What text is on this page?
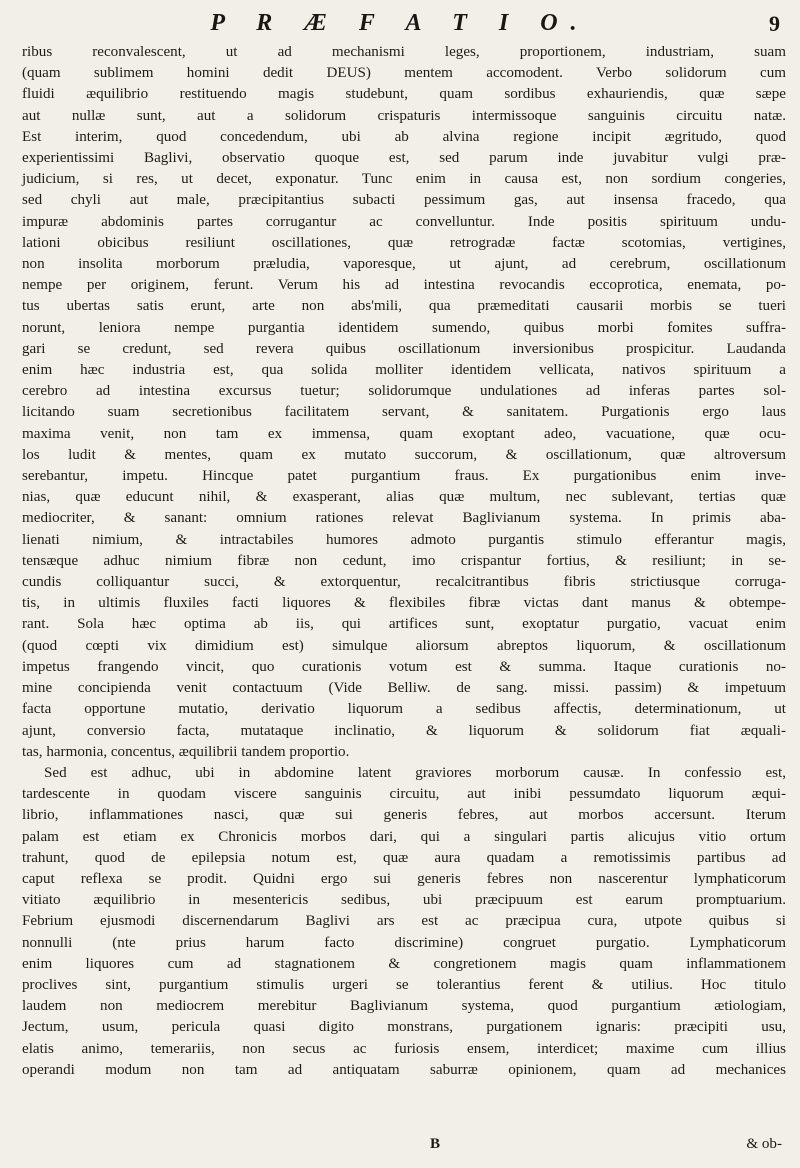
P R Æ F A T I O.	9
ribus reconvalescent, ut ad mechanismi leges, proportionem, industriam, suam
(quam sublimem homini dedit DEUS) mentem accomodent. Verbo solidorum cum
fluidi æquilibrio restituendo magis studebunt, quam sordibus exhauriendis, quæ sæpe
aut nullæ sunt, aut a solidorum crispaturis intermissoque sanguinis circuitu natæ.
Est interim, quod concedendum, ubi ab alvina regione incipit ægritudo, quod
experientissimi Baglivi, observatio quoque est, sed parum inde juvabitur vulgi præ-
judicium, si res, ut decet, exponatur. Tunc enim in causa est, non sordium congeries,
sed chyli aut male, præcipitantius subacti pessimum gas, aut insensa fracedo, qua
impuræ abdominis partes corrugantur ac convelluntur. Inde positis spirituum undu-
lationi obicibus resiliunt oscillationes, quæ retrogradæ factæ scotomias, vertigines,
non insolita morborum præludia, vaporesque, ut ajunt, ad cerebrum, oscillationum
nempe per originem, ferunt. Verum his ad intestina revocandis eccoprotica, enemata, po-
tus ubertas satis erunt, arte non abs'mili, qua præmeditati causarii morbis se tueri
norunt, leniora nempe purgantia identidem sumendo, quibus morbi fomites suffra-
gari se credunt, sed revera quibus oscillationum inversionibus prospicitur. Laudanda
enim hæc industria est, qua solida molliter identidem vellicata, nativos spirituum a
cerebro ad intestina excursus tuetur; solidorumque undulationes ad inferas partes sol-
licitando suam secretionibus facilitatem servant, & sanitatem. Purgationis ergo laus
maxima venit, non tam ex immensa, quam exoptant adeo, vacuatione, quæ ocu-
los ludit & mentes, quam ex mutato succorum, & oscillationum, quæ altroversum
serebantur, impetu. Hincque patet purgantium fraus. Ex purgationibus enim inve-
nias, quæ educunt nihil, & exasperant, alias quæ multum, nec sublevant, tertias quæ
mediocriter, & sanant: omnium rationes relevat Baglivianum systema. In primis aba-
lienati nimium, & intractabiles humores admoto purgantis stimulo efferantur magis,
tensæque adhuc nimium fibræ non cedunt, imo crispantur fortius, & resiliunt; in se-
cundis colliquantur succi, & extorquentur, recalcitrantibus fibris strictiusque corruga-
tis, in ultimis fluxiles facti liquores & flexibiles fibræ victas dant manus & obtempe-
rant. Sola hæc optima ab iis, qui artifices sunt, exoptatur purgatio, vacuat enim
(quod cœpti vix dimidium est) simulque aliorsum abreptos liquorum, & oscillationum
impetus frangendo vincit, quo curationis votum est & summa. Itaque curationis no-
mine concipienda venit contactuum (Vide Belliw. de sang. missi. passim) & impetuum
facta opportune mutatio, derivatio liquorum a sedibus affectis, determinationum, ut
ajunt, conversio facta, mutataque inclinatio, & liquorum & solidorum fiat æquali-
tas, harmonia, concentus, æquilibrii tandem proportio.
Sed est adhuc, ubi in abdomine latent graviores morborum causæ. In confessio est,
tardescente in quodam viscere sanguinis circuitu, aut inibi pessumdato liquorum æqui-
librio, inflammationes nasci, quæ sui generis febres, aut morbos accersunt. Iterum
palam est etiam ex Chronicis morbos dari, qui a singulari partis alicujus vitio ortum
trahunt, quod de epilepsia notum est, quæ aura quadam a remotissimis partibus ad
caput reflexa se prodit. Quidni ergo sui generis febres non nascerentur lymphaticorum
vitiato æquilibrio in mesentericis sedibus, ubi præcipuum est earum promptuarium.
Febrium ejusmodi discernendarum Baglivi ars est ac præcipua cura, utpote quibus si
nonnulli (nte prius harum facto discrimine) congruet purgatio. Lymphaticorum
enim liquores cum ad stagnationem & congretionem magis quam inflammationem
proclives sint, purgantium stimulis urgeri se tolerantius ferent & utilius. Hoc titulo
laudem non mediocrem merebitur Baglivianum systema, quod purgantium ætiologiam,
Jectum, usum, pericula quasi digito monstrans, purgationem ignaris: præcipiti usu,
elatis animo, temerariis, non secus ac furiosis ensem, interdicet; maxime cum illius
operandi modum non tam ad antiquatam saburræ opinionem, quam ad mechanices
B	& ob-
